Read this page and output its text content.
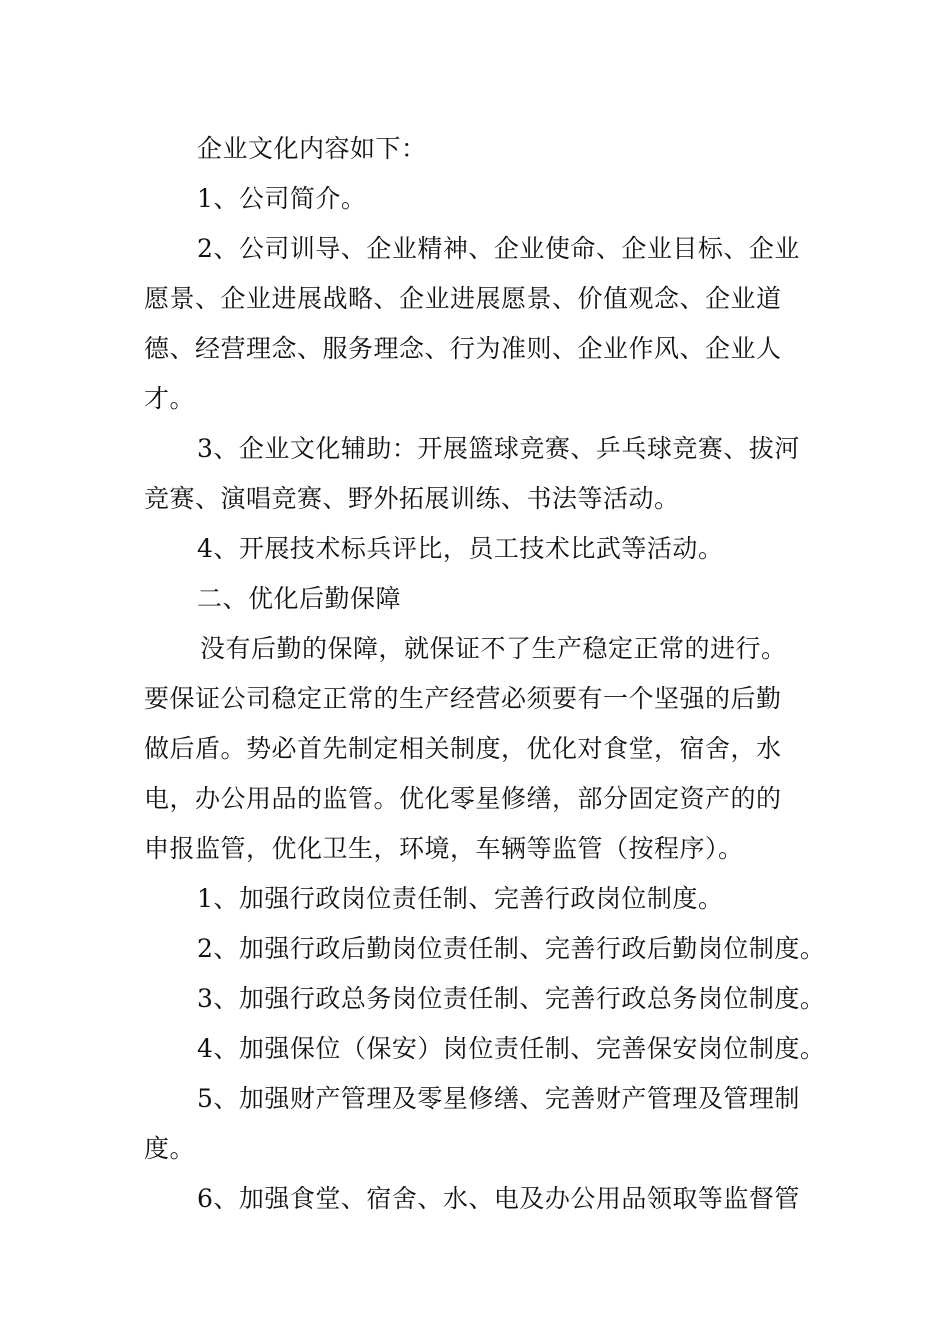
企业文化内容如下：
1、公司简介。
2、公司训导、企业精神、企业使命、企业目标、企业
愿景、企业进展战略、企业进展愿景、价值观念、企业道
德、经营理念、服务理念、行为准则、企业作风、企业人
才。
3、企业文化辅助：开展篮球竞赛、乒乓球竞赛、拔河
竞赛、演唱竞赛、野外拓展训练、书法等活动。
4、开展技术标兵评比，员工技术比武等活动。
二、优化后勤保障
没有后勤的保障，就保证不了生产稳定正常的进行。
要保证公司稳定正常的生产经营必须要有一个坚强的后勤
做后盾。势必首先制定相关制度，优化对食堂，宿舍，水
电，办公用品的监管。优化零星修缮，部分固定资产的的
申报监管，优化卫生，环境，车辆等监管（按程序）。
1、加强行政岗位责任制、完善行政岗位制度。
2、加强行政后勤岗位责任制、完善行政后勤岗位制度。
3、加强行政总务岗位责任制、完善行政总务岗位制度。
4、加强保位（保安）岗位责任制、完善保安岗位制度。
5、加强财产管理及零星修缮、完善财产管理及管理制
度。
6、加强食堂、宿舍、水、电及办公用品领取等监督管
